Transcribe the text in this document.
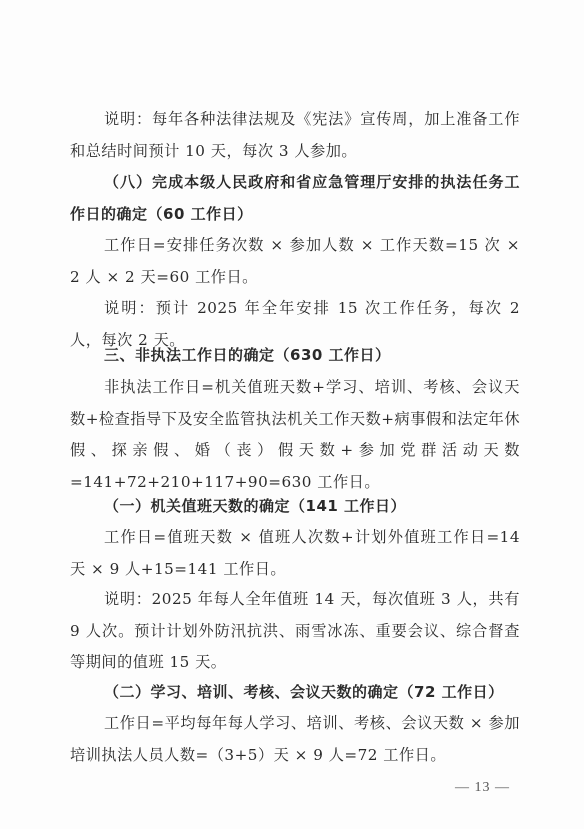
说明：每年各种法律法规及《宪法》宣传周，加上准备工作和总结时间预计 10 天，每次 3 人参加。

（八）完成本级人民政府和省应急管理厅安排的执法任务工作日的确定（60 工作日）

工作日=安排任务次数 × 参加人数 × 工作天数=15 次 × 2 人 × 2 天=60 工作日。

说明：预计 2025 年全年安排 15 次工作任务，每次 2 人，每次 2 天。

三、非执法工作日的确定（630 工作日）

非执法工作日=机关值班天数+学习、培训、考核、会议天数+检查指导下及安全监管执法机关工作天数+病事假和法定年休假、探亲假、婚（丧）假天数+参加党群活动天数=141+72+210+117+90=630 工作日。

（一）机关值班天数的确定（141 工作日）

工作日=值班天数 × 值班人次数+计划外值班工作日=14 天 × 9 人+15=141 工作日。

说明：2025 年每人全年值班 14 天，每次值班 3 人，共有 9 人次。预计计划外防汛抗洪、雨雪冰冻、重要会议、综合督查等期间的值班 15 天。

（二）学习、培训、考核、会议天数的确定（72 工作日）

工作日=平均每年每人学习、培训、考核、会议天数 × 参加培训执法人员人数=（3+5）天 × 9 人=72 工作日。

— 13 —
